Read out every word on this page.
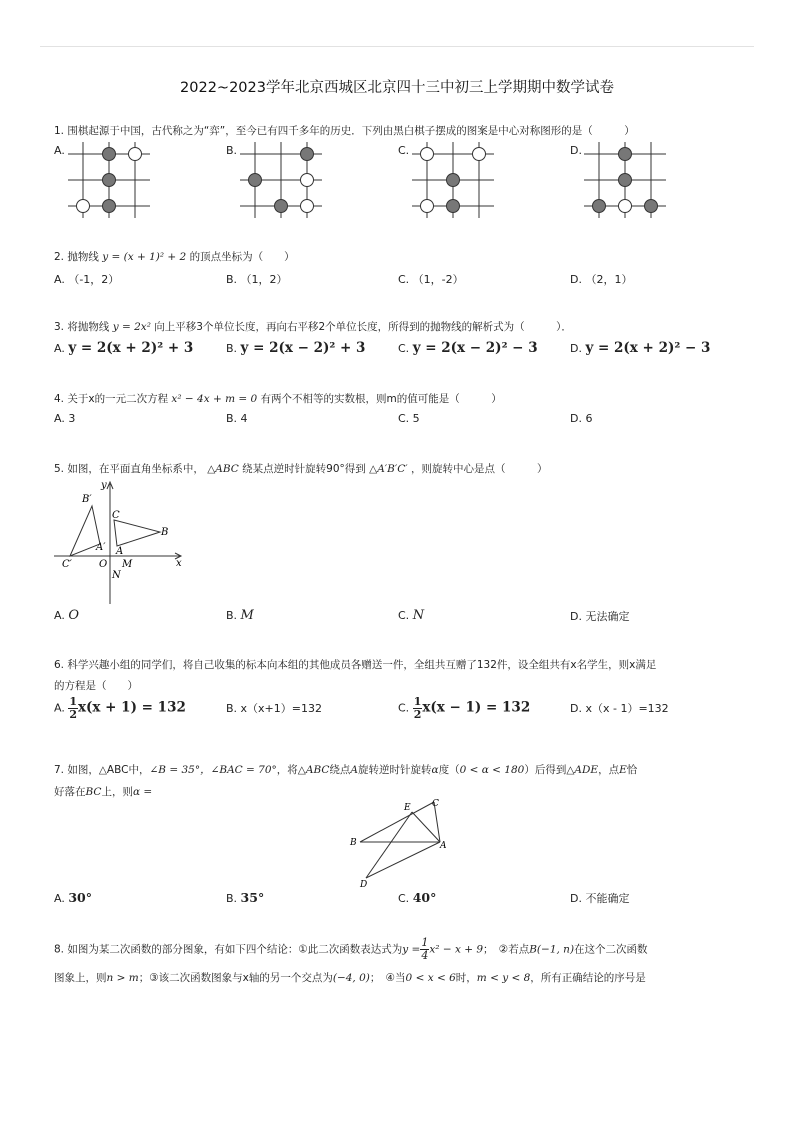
2022~2023学年北京西城区北京四十三中初三上学期期中数学试卷
1. 围棋起源于中国，古代称之为“弈”，至今已有四千多年的历史．下列由黑白棋子摆成的图案是中心对称图形的是（　　　）
A.	B.	C.	D.
2. 抛物线 y = (x + 1)² + 2 的顶点坐标为（　　）
A. （-1，2）	B. （1，2）	C. （1，-2）	D. （2，1）
3. 将抛物线 y = 2x² 向上平移3个单位长度，再向右平移2个单位长度，所得到的抛物线的解析式为（　　　）．
A. y = 2(x + 2)² + 3	B. y = 2(x − 2)² + 3	C. y = 2(x − 2)² − 3	D. y = 2(x + 2)² − 3
4. 关于x的一元二次方程 x² − 4x + m = 0 有两个不相等的实数根，则m的值可能是（　　　）
A. 3	B. 4	C. 5	D. 6
5. 如图，在平面直角坐标系中， △ABC 绕某点逆时针旋转90°得到 △A′B′C′ ，则旋转中心是点（　　　）
y
x
B′
C
B
A′ A
C′	O M
N
A. O	B. M	C. N	D. 无法确定
6. 科学兴趣小组的同学们，将自己收集的标本向本组的其他成员各赠送一件，全组共互赠了132件，设全组共有x名学生，则x满足
的方程是（　　）
A. $\frac{1}{2} x(x + 1) = 132$	B. x（x+1）=132	C. $\frac{1}{2} x(x - 1) = 132$	D. x（x - 1）=132
7. 如图，△ABC中，∠B = 35°，∠BAC = 70°，将△ABC绕点A旋转逆时针旋转α度（0 < α < 180）后得到△ADE，点E恰
好落在BC上，则α =
E C
B	A
D
A. 30°	B. 35°	C. 40°	D. 不能确定
8. 如图为某二次函数的部分图象，有如下四个结论：①此二次函数表达式为$y = \frac{1}{4} x^2 - x + 9$；　②若点B(−1, n)在这个二次函数
图象上，则n > m；③该二次函数图象与x轴的另一个交点为(−4, 0)；　④当0 < x < 6时，m < y < 8，所有正确结论的序号是
